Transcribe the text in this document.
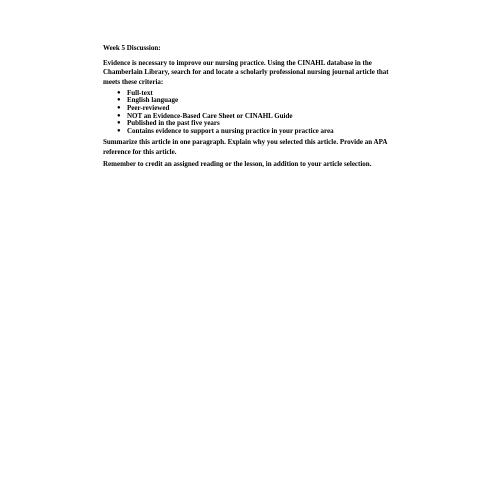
Week 5 Discussion:
Evidence is necessary to improve our nursing practice. Using the CINAHL database in the Chamberlain Library, search for and locate a scholarly professional nursing journal article that meets these criteria:
● Full-text
● English language
● Peer-reviewed
● NOT an Evidence-Based Care Sheet or CINAHL Guide
● Published in the past five years
● Contains evidence to support a nursing practice in your practice area
Summarize this article in one paragraph. Explain why you selected this article. Provide an APA reference for this article.
Remember to credit an assigned reading or the lesson, in addition to your article selection.
